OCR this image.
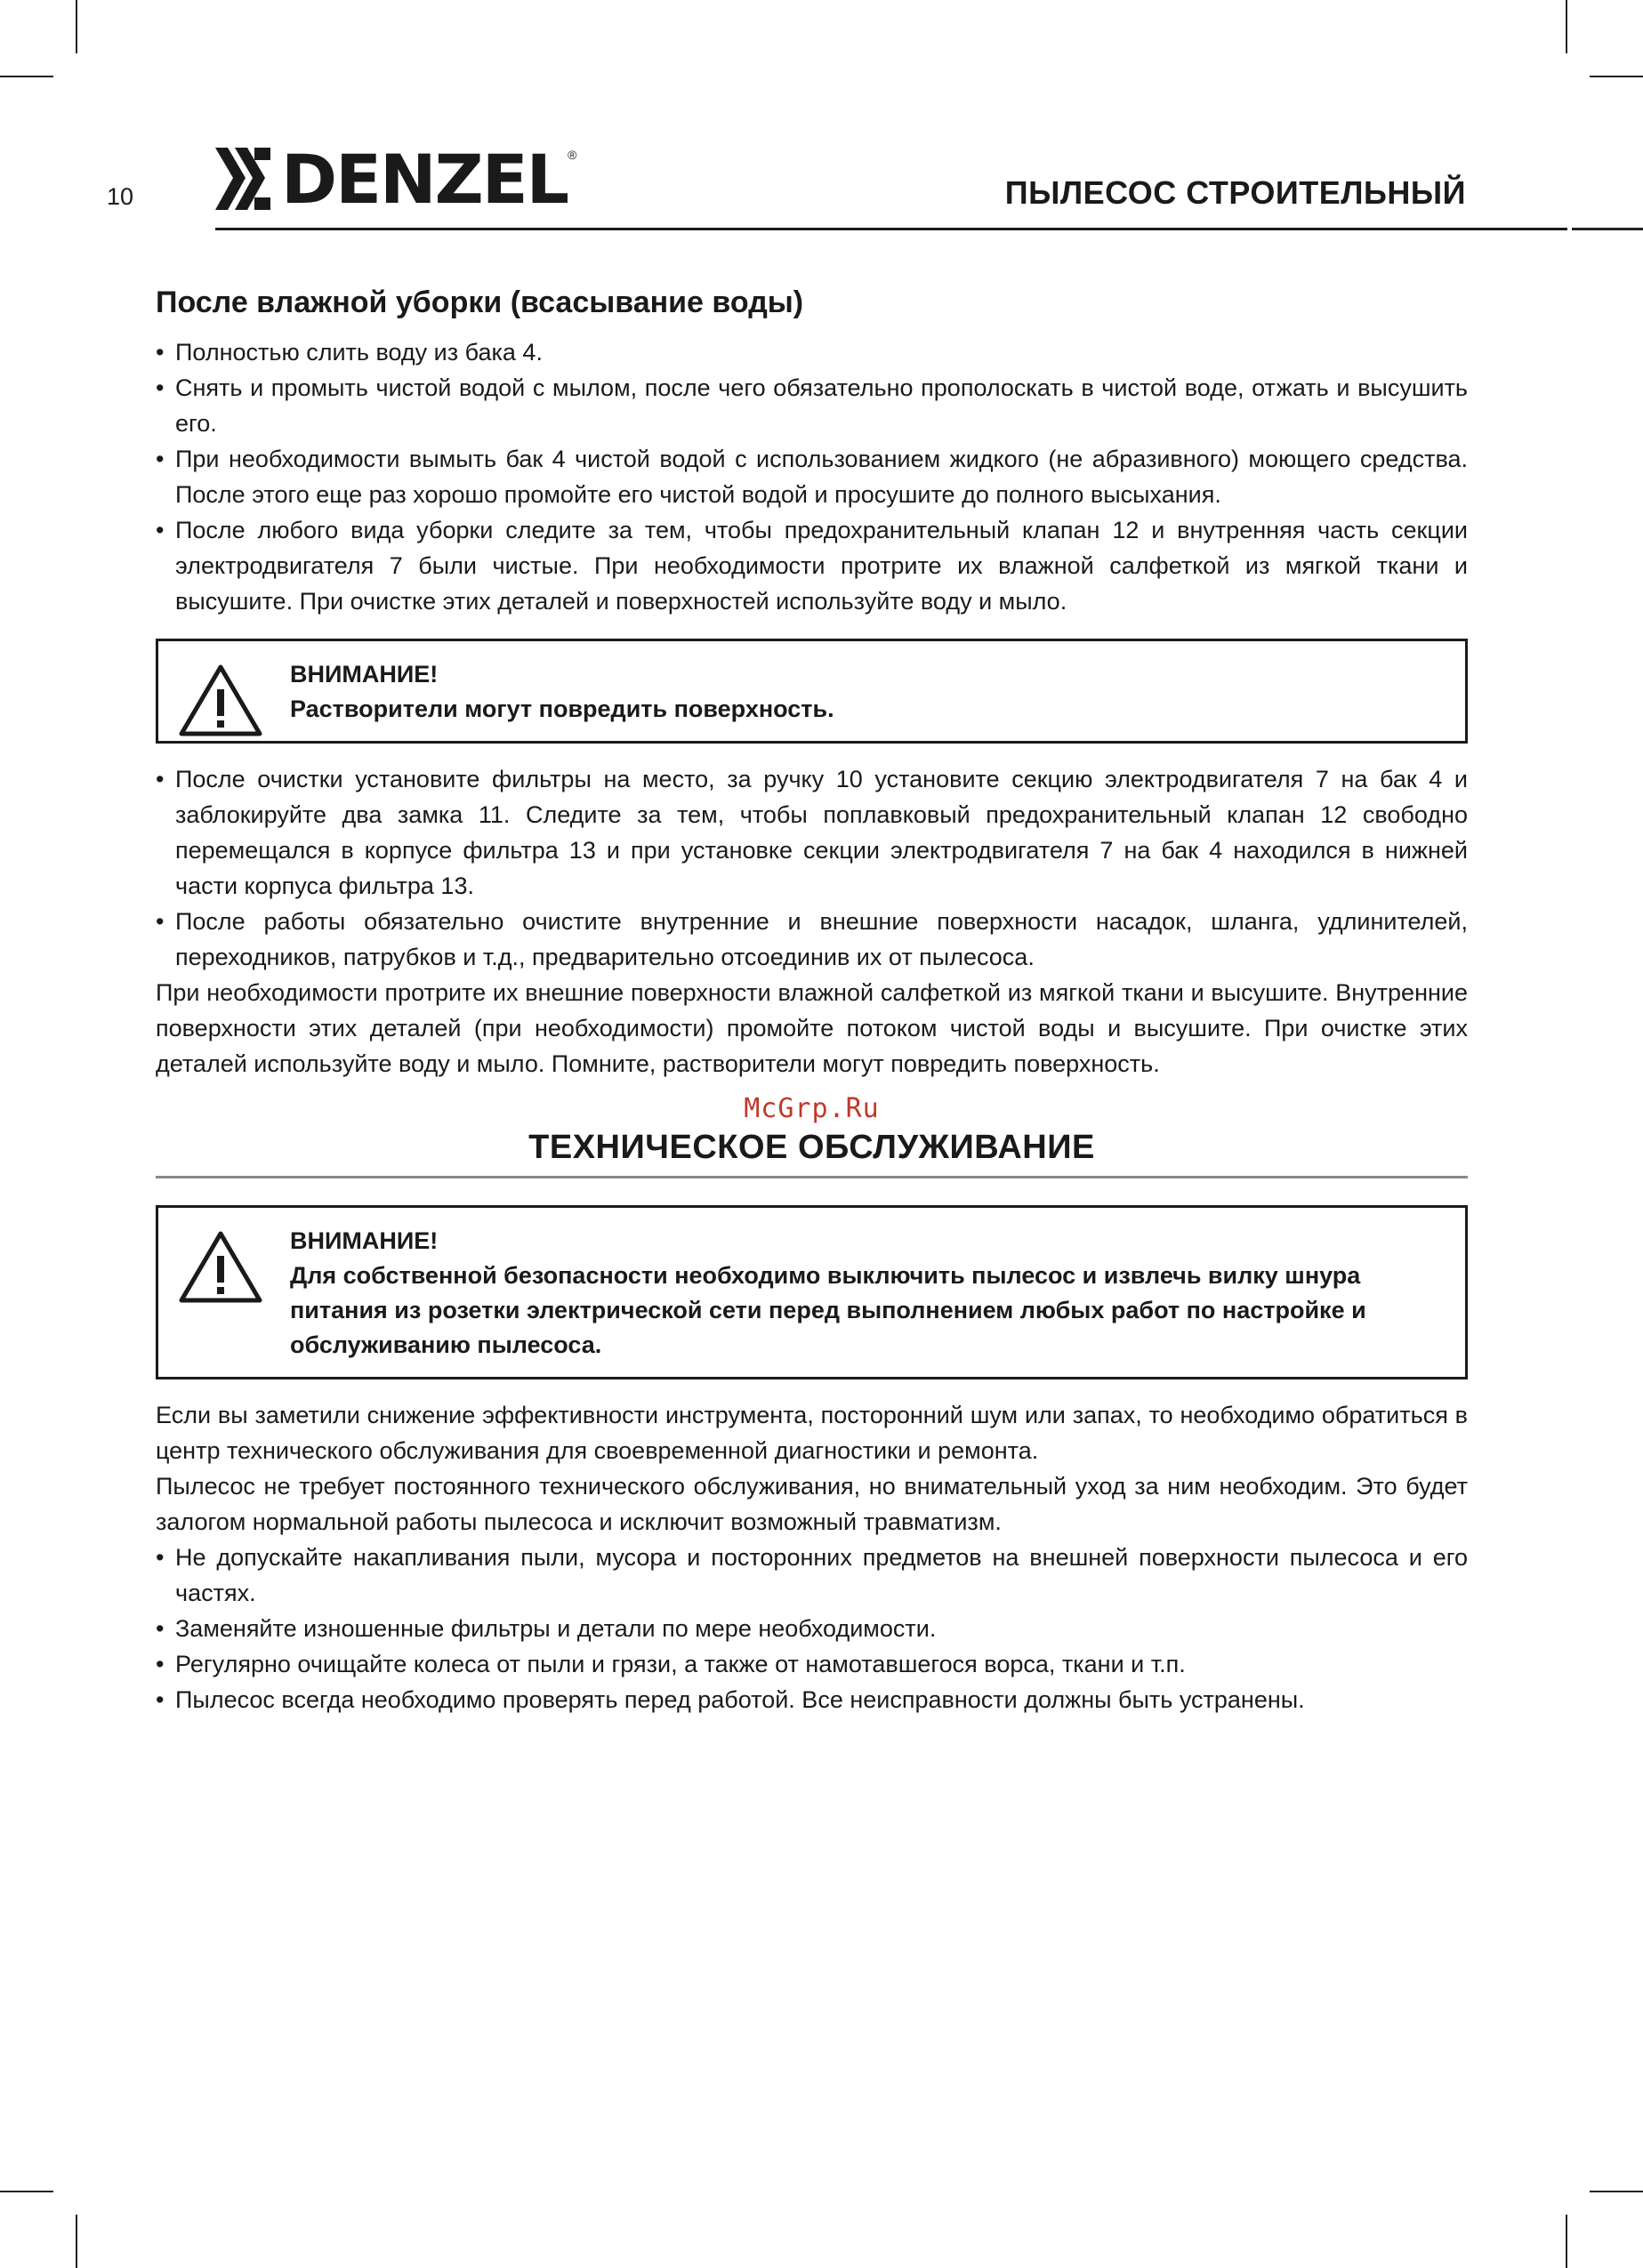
10 DENZEL ®
ПЫЛЕСОС СТРОИТЕЛЬНЫЙ
После влажной уборки (всасывание воды)
• Полностью слить воду из бака 4.
• Снять и промыть чистой водой с мылом, после чего обязательно прополоскать в чистой воде, отжать и высушить его.
• При необходимости вымыть бак 4 чистой водой с использованием жидкого (не абразивного) моющего средства. После этого еще раз хорошо промойте его чистой водой и просушите до полного высыхания.
• После любого вида уборки следите за тем, чтобы предохранительный клапан 12 и внутренняя часть секции электродвигателя 7 были чистые. При необходимости протрите их влажной салфеткой из мягкой ткани и высушите. При очистке этих деталей и поверхностей используйте воду и мыло.
ВНИМАНИЕ!
Растворители могут повредить поверхность.
• После очистки установите фильтры на место, за ручку 10 установите секцию электродвигателя 7 на бак 4 и заблокируйте два замка 11. Следите за тем, чтобы поплавковый предохранительный клапан 12 свободно перемещался в корпусе фильтра 13 и при установке секции электродвигателя 7 на бак 4 находился в нижней части корпуса фильтра 13.
• После работы обязательно очистите внутренние и внешние поверхности насадок, шланга, удлинителей, переходников, патрубков и т.д., предварительно отсоединив их от пылесоса.

При необходимости протрите их внешние поверхности влажной салфеткой из мягкой ткани и высушите. Внутренние поверхности этих деталей (при необходимости) промойте потоком чистой воды и высушите. При очистке этих деталей используйте воду и мыло. Помните, растворители могут повредить поверхность.

McGrp.Ru
ТЕХНИЧЕСКОЕ ОБСЛУЖИВАНИЕ
ВНИМАНИЕ!
Для собственной безопасности необходимо выключить пылесос и извлечь вилку шнура питания из розетки электрической сети перед выполнением любых работ по настройке и обслуживанию пылесоса.

Если вы заметили снижение эффективности инструмента, посторонний шум или запах, то необходимо обратиться в центр технического обслуживания для своевременной диагностики и ремонта.

Пылесос не требует постоянного технического обслуживания, но внимательный уход за ним необходим. Это будет залогом нормальной работы пылесоса и исключит возможный травматизм.

• Не допускайте накапливания пыли, мусора и посторонних предметов на внешней поверхности пылесоса и его частях.
• Заменяйте изношенные фильтры и детали по мере необходимости.
• Регулярно очищайте колеса от пыли и грязи, а также от намотавшегося ворса, ткани и т.п.
• Пылесос всегда необходимо проверять перед работой. Все неисправности должны быть устранены.
